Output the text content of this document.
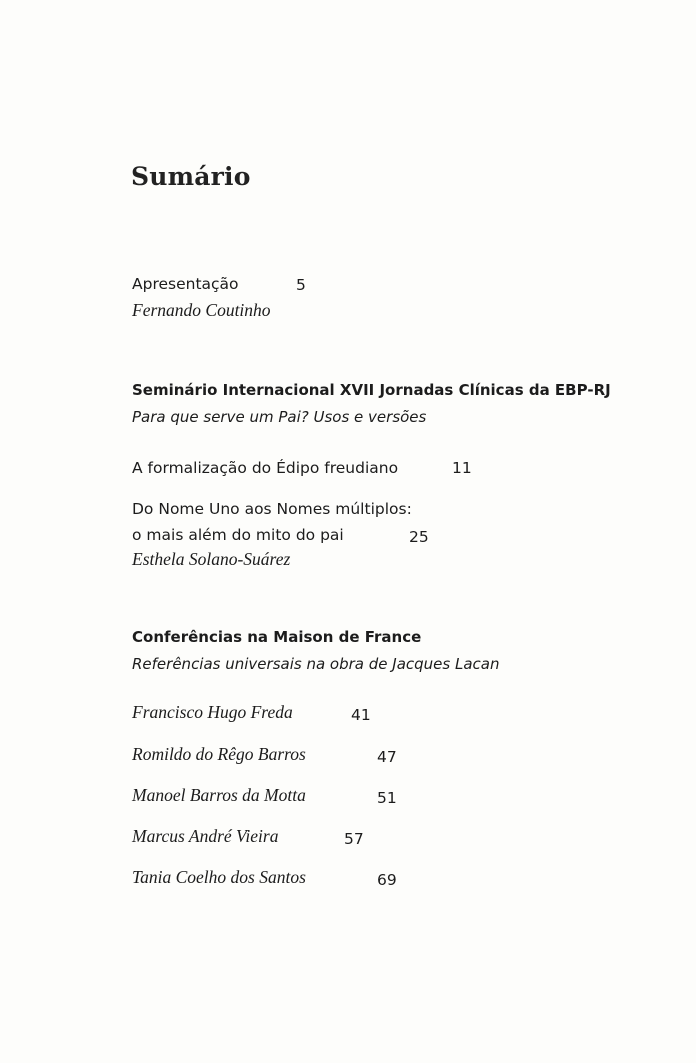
Sumário
Apresentação	5
Fernando Coutinho
Seminário Internacional XVII Jornadas Clínicas da EBP-RJ
Para que serve um Pai? Usos e versões
A formalização do Édipo freudiano	11
Do Nome Uno aos Nomes múltiplos:
o mais além do mito do pai	25
Esthela Solano-Suárez
Conferências na Maison de France
Referências universais na obra de Jacques Lacan
Francisco Hugo Freda	41
Romildo do Rêgo Barros	47
Manoel Barros da Motta	51
Marcus André Vieira	57
Tania Coelho dos Santos	69
